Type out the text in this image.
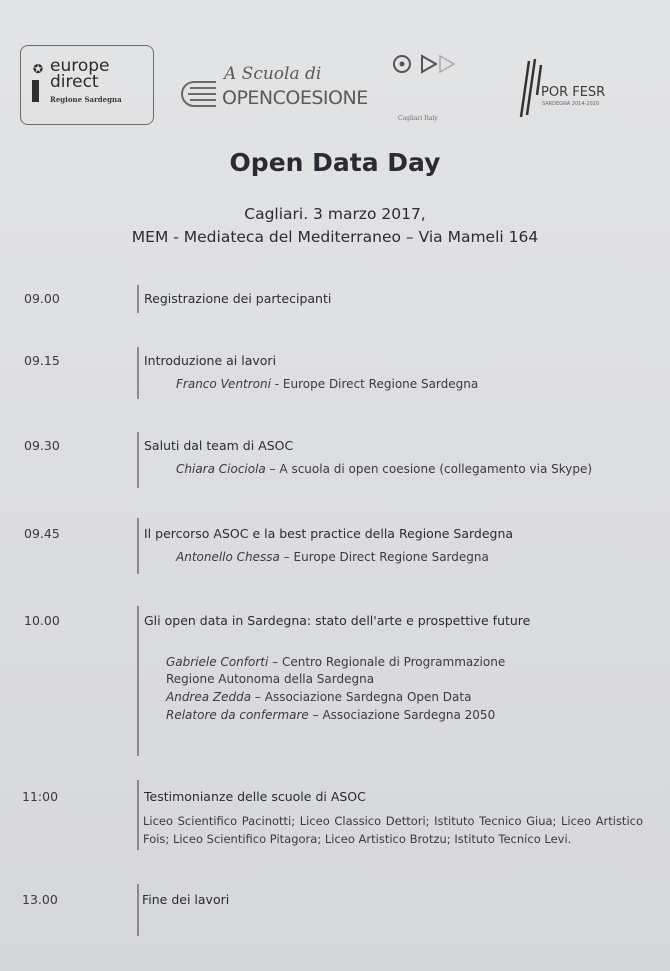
✪ europe
direct
Regione Sardegna
A Scuola di
OPENCOESIONE
Cagliari Italy
POR FESR
SARDEGNA 2014-2020
Open Data Day
Cagliari. 3 marzo 2017,
MEM - Mediateca del Mediterraneo – Via Mameli 164
09.00	Registrazione dei partecipanti
09.15	Introduzione ai lavori
Franco Ventroni - Europe Direct Regione Sardegna
09.30	Saluti dal team di ASOC
Chiara Ciociola – A scuola di open coesione (collegamento via Skype)
09.45	Il percorso ASOC e la best practice della Regione Sardegna
Antonello Chessa – Europe Direct Regione Sardegna
10.00	Gli open data in Sardegna: stato dell'arte e prospettive future
Gabriele Conforti – Centro Regionale di Programmazione
Regione Autonoma della Sardegna
Andrea Zedda – Associazione Sardegna Open Data
Relatore da confermare – Associazione Sardegna 2050
11:00	Testimonianze delle scuole di ASOC
Liceo Scientifico Pacinotti; Liceo Classico Dettori; Istituto Tecnico Giua; Liceo Artistico Fois; Liceo Scientifico Pitagora; Liceo Artistico Brotzu; Istituto Tecnico Levi.
13.00	Fine dei lavori
